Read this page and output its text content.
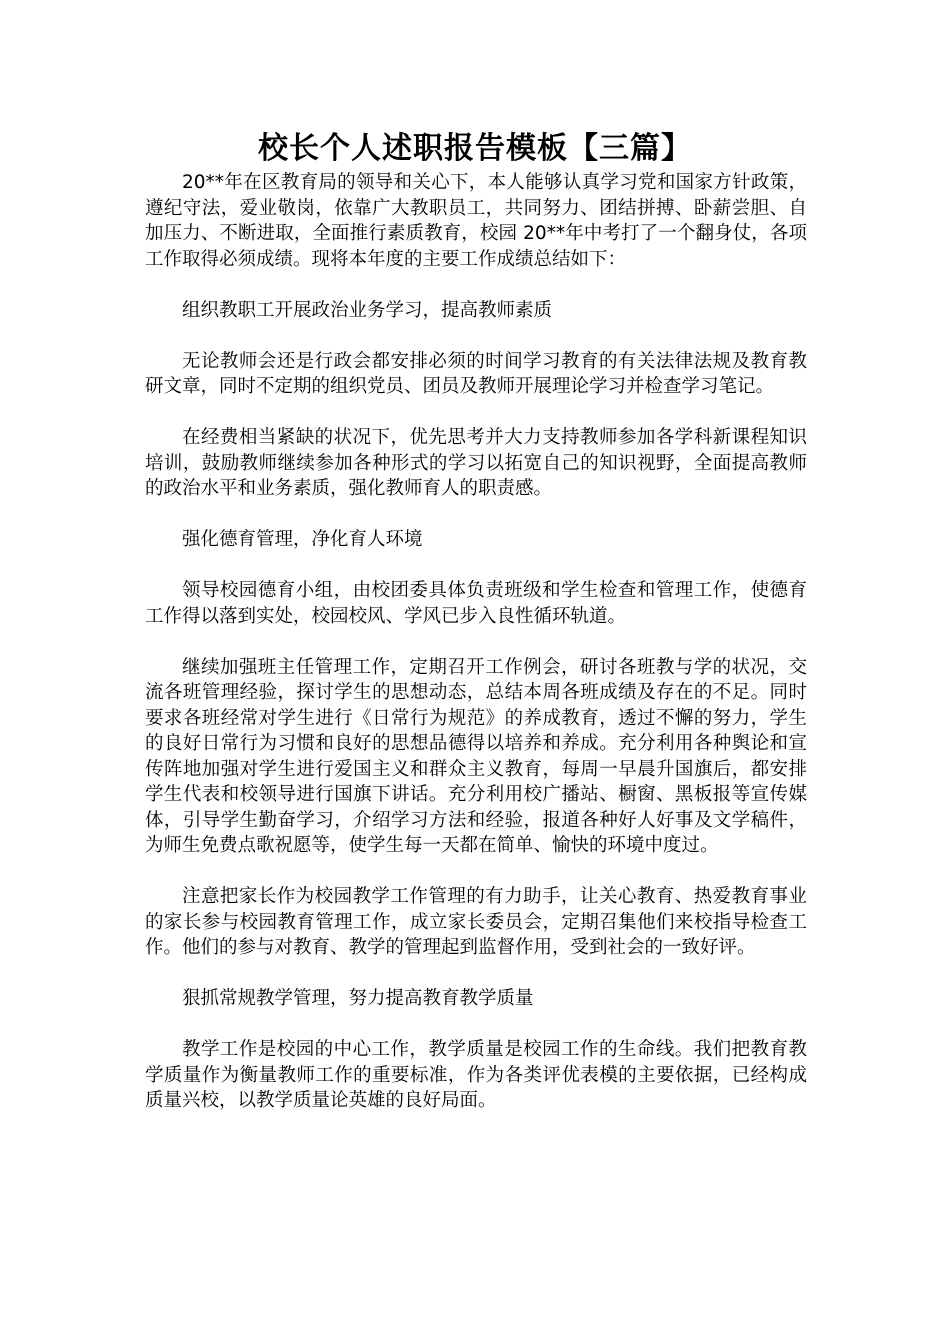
校长个人述职报告模板【三篇】

20**年在区教育局的领导和关心下，本人能够认真学习党和国家方针政策，遵纪守法，爱业敬岗，依靠广大教职员工，共同努力、团结拼搏、卧薪尝胆、自加压力、不断进取，全面推行素质教育，校园 20**年中考打了一个翻身仗，各项工作取得必须成绩。现将本年度的主要工作成绩总结如下：

组织教职工开展政治业务学习，提高教师素质

无论教师会还是行政会都安排必须的时间学习教育的有关法律法规及教育教研文章，同时不定期的组织党员、团员及教师开展理论学习并检查学习笔记。

在经费相当紧缺的状况下，优先思考并大力支持教师参加各学科新课程知识培训，鼓励教师继续参加各种形式的学习以拓宽自己的知识视野，全面提高教师的政治水平和业务素质，强化教师育人的职责感。

强化德育管理，净化育人环境

领导校园德育小组，由校团委具体负责班级和学生检查和管理工作，使德育工作得以落到实处，校园校风、学风已步入良性循环轨道。

继续加强班主任管理工作，定期召开工作例会，研讨各班教与学的状况，交流各班管理经验，探讨学生的思想动态，总结本周各班成绩及存在的不足。同时要求各班经常对学生进行《日常行为规范》的养成教育，透过不懈的努力，学生的良好日常行为习惯和良好的思想品德得以培养和养成。充分利用各种舆论和宣传阵地加强对学生进行爱国主义和群众主义教育，每周一早晨升国旗后，都安排学生代表和校领导进行国旗下讲话。充分利用校广播站、橱窗、黑板报等宣传媒体，引导学生勤奋学习，介绍学习方法和经验，报道各种好人好事及文学稿件，为师生免费点歌祝愿等，使学生每一天都在简单、愉快的环境中度过。

注意把家长作为校园教学工作管理的有力助手，让关心教育、热爱教育事业的家长参与校园教育管理工作，成立家长委员会，定期召集他们来校指导检查工作。他们的参与对教育、教学的管理起到监督作用，受到社会的一致好评。

狠抓常规教学管理，努力提高教育教学质量

教学工作是校园的中心工作，教学质量是校园工作的生命线。我们把教育教学质量作为衡量教师工作的重要标准，作为各类评优表模的主要依据，已经构成质量兴校，以教学质量论英雄的良好局面。
